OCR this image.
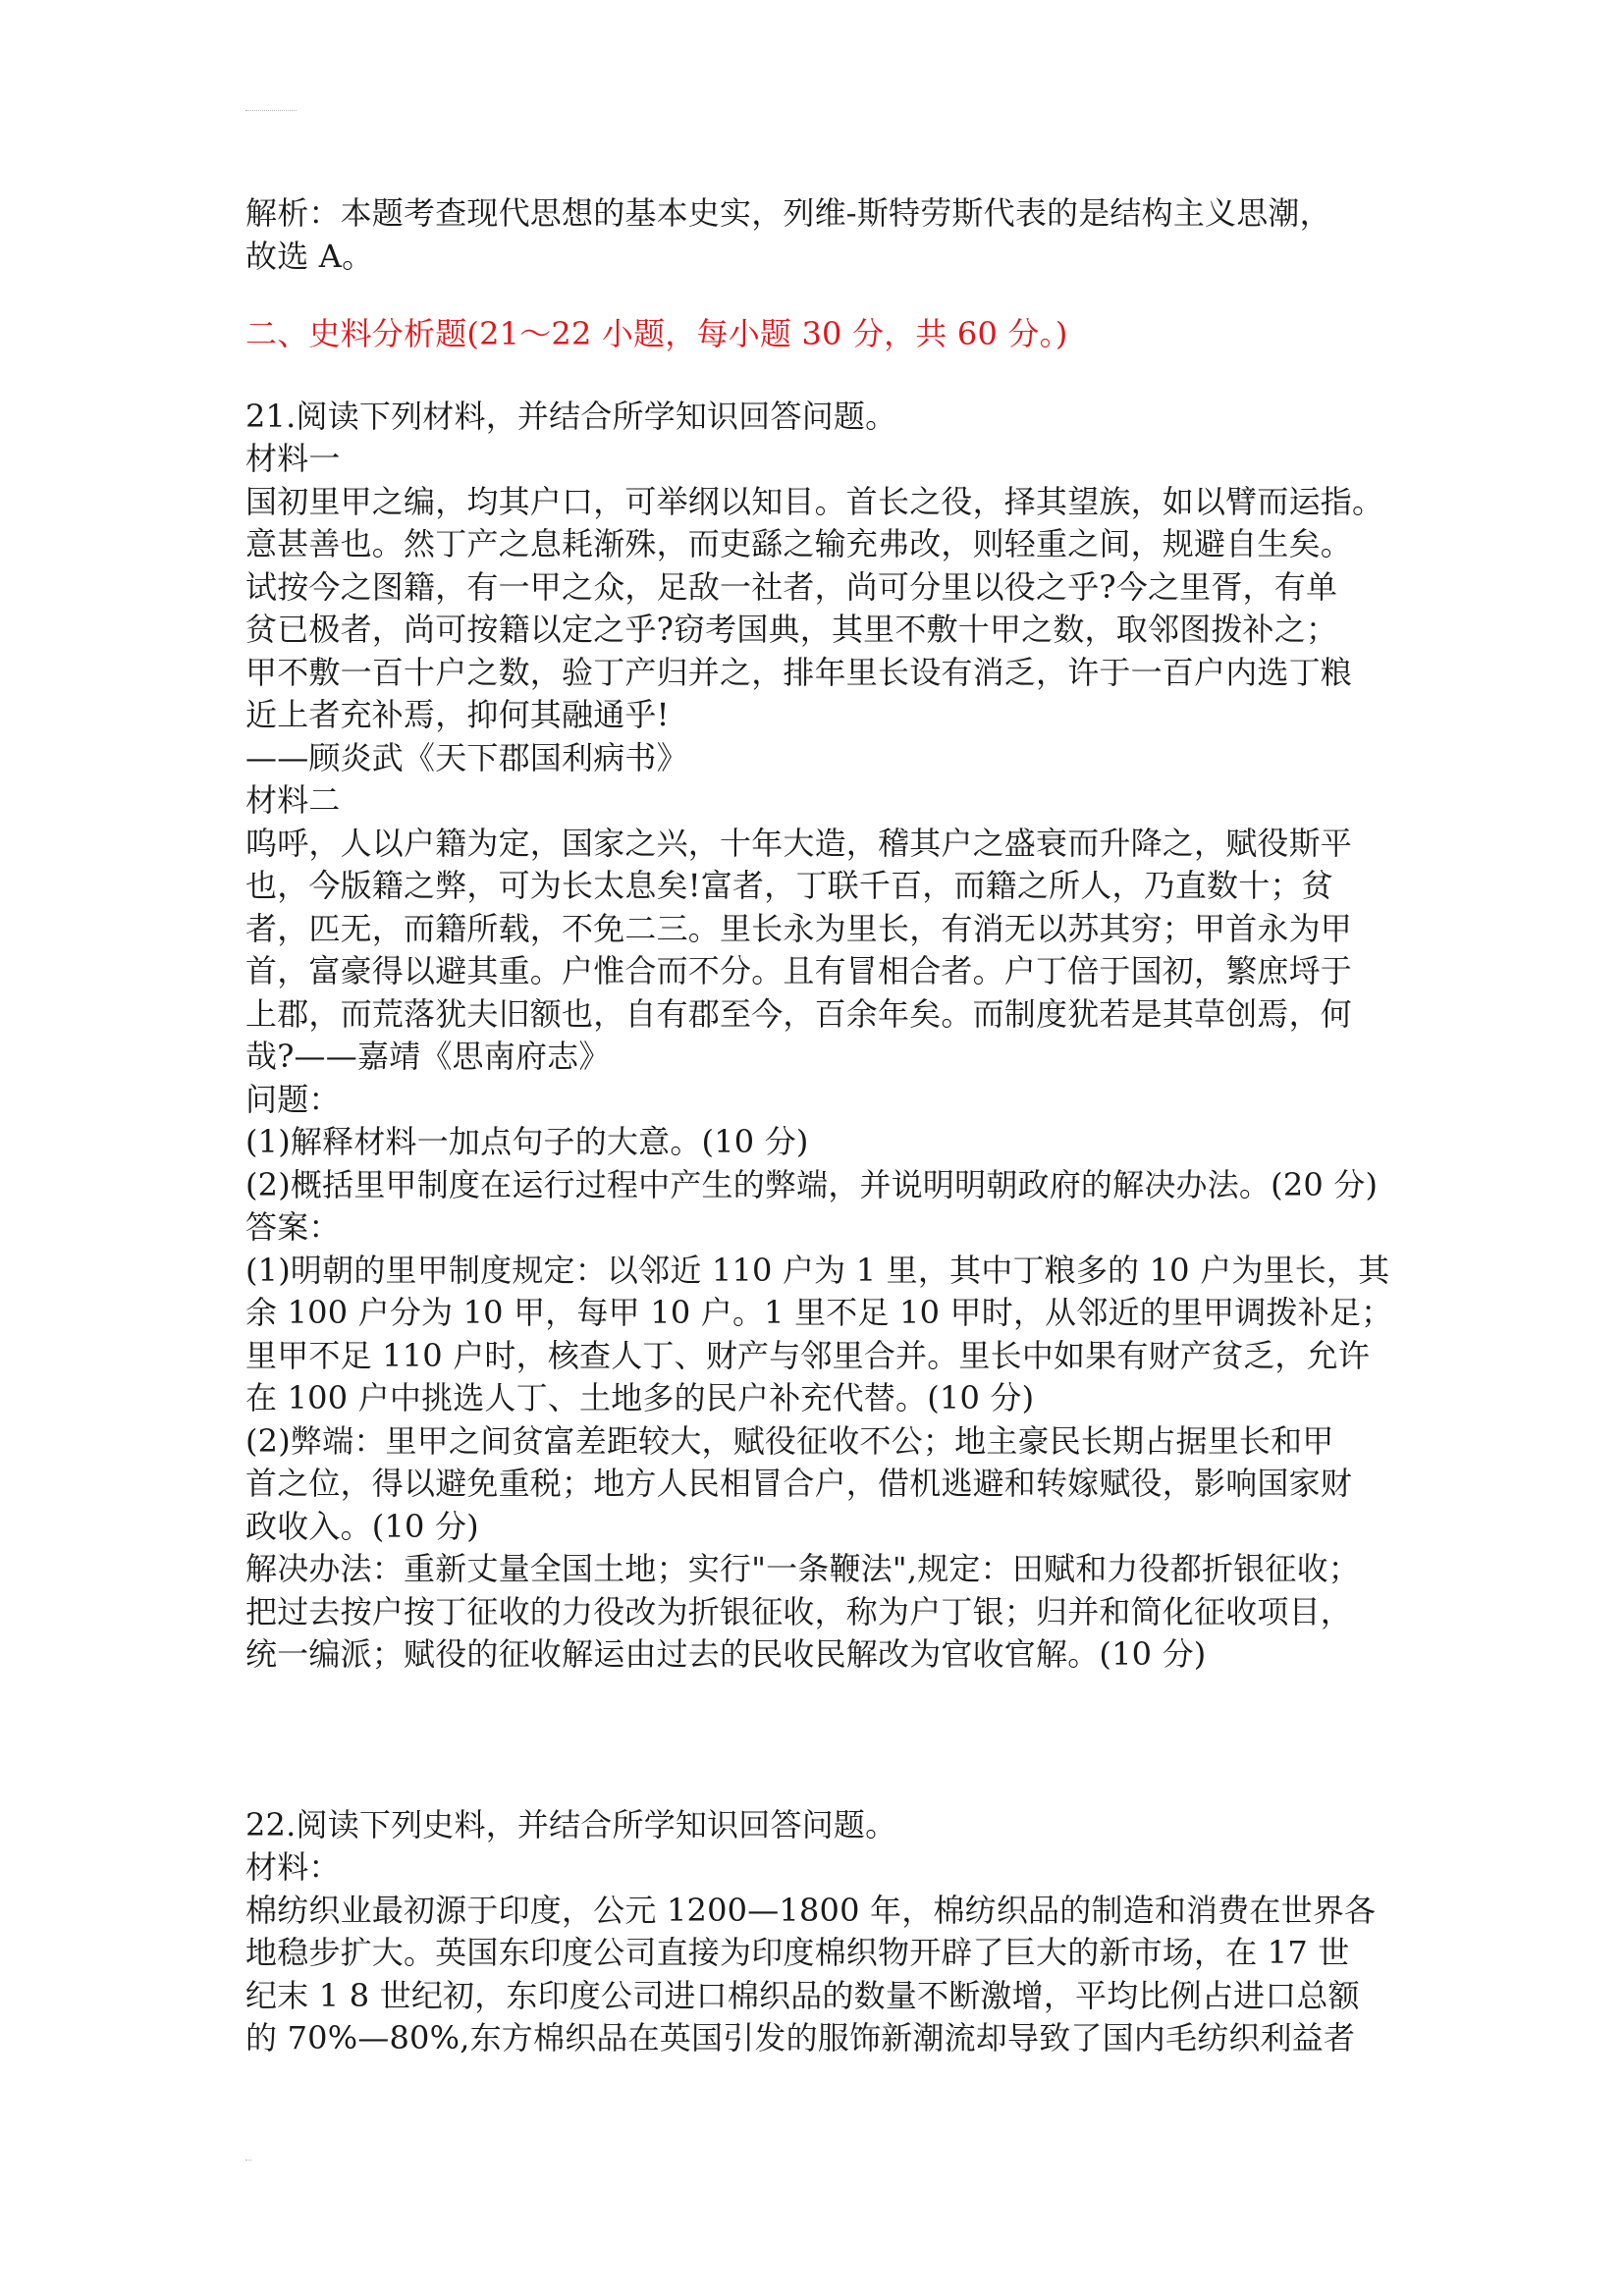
解析：本题考查现代思想的基本史实，列维-斯特劳斯代表的是结构主义思潮，
故选 A。
二、史料分析题(21～22 小题，每小题 30 分，共 60 分。)
21.阅读下列材料，并结合所学知识回答问题。
材料一
国初里甲之编，均其户口，可举纲以知目。首长之役，择其望族，如以臂而运指。
意甚善也。然丁产之息耗渐殊，而吏繇之输充弗改，则轻重之间，规避自生矣。
试按今之图籍，有一甲之众，足敌一社者，尚可分里以役之乎?今之里胥，有单
贫已极者，尚可按籍以定之乎?窃考国典，其里不敷十甲之数，取邻图拨补之；
甲不敷一百十户之数，验丁产归并之，排年里长设有消乏，许于一百户内选丁粮
近上者充补焉，抑何其融通乎!
——顾炎武《天下郡国利病书》
材料二
呜呼，人以户籍为定，国家之兴，十年大造，稽其户之盛衰而升降之，赋役斯平
也，今版籍之弊，可为长太息矣!富者，丁联千百，而籍之所人，乃直数十；贫
者，匹无，而籍所载，不免二三。里长永为里长，有消无以苏其穷；甲首永为甲
首，富豪得以避其重。户惟合而不分。且有冒相合者。户丁倍于国初，繁庶埒于
上郡，而荒落犹夫旧额也，自有郡至今，百余年矣。而制度犹若是其草创焉，何
哉?——嘉靖《思南府志》
问题：
(1)解释材料一加点句子的大意。(10 分)
(2)概括里甲制度在运行过程中产生的弊端，并说明明朝政府的解决办法。(20 分)
答案：
(1)明朝的里甲制度规定：以邻近 110 户为 1 里，其中丁粮多的 10 户为里长，其
余 100 户分为 10 甲，每甲 10 户。1 里不足 10 甲时，从邻近的里甲调拨补足；
里甲不足 110 户时，核查人丁、财产与邻里合并。里长中如果有财产贫乏，允许
在 100 户中挑选人丁、土地多的民户补充代替。(10 分)
(2)弊端：里甲之间贫富差距较大，赋役征收不公；地主豪民长期占据里长和甲
首之位，得以避免重税；地方人民相冒合户，借机逃避和转嫁赋役，影响国家财
政收入。(10 分)
解决办法：重新丈量全国土地；实行"一条鞭法",规定：田赋和力役都折银征收；
把过去按户按丁征收的力役改为折银征收，称为户丁银；归并和简化征收项目，
统一编派；赋役的征收解运由过去的民收民解改为官收官解。(10 分)
22.阅读下列史料，并结合所学知识回答问题。
材料：
棉纺织业最初源于印度，公元 1200—1800 年，棉纺织品的制造和消费在世界各
地稳步扩大。英国东印度公司直接为印度棉织物开辟了巨大的新市场，在 17 世
纪末 1 8 世纪初，东印度公司进口棉织品的数量不断激增，平均比例占进口总额
的 70%—80%,东方棉织品在英国引发的服饰新潮流却导致了国内毛纺织利益者
